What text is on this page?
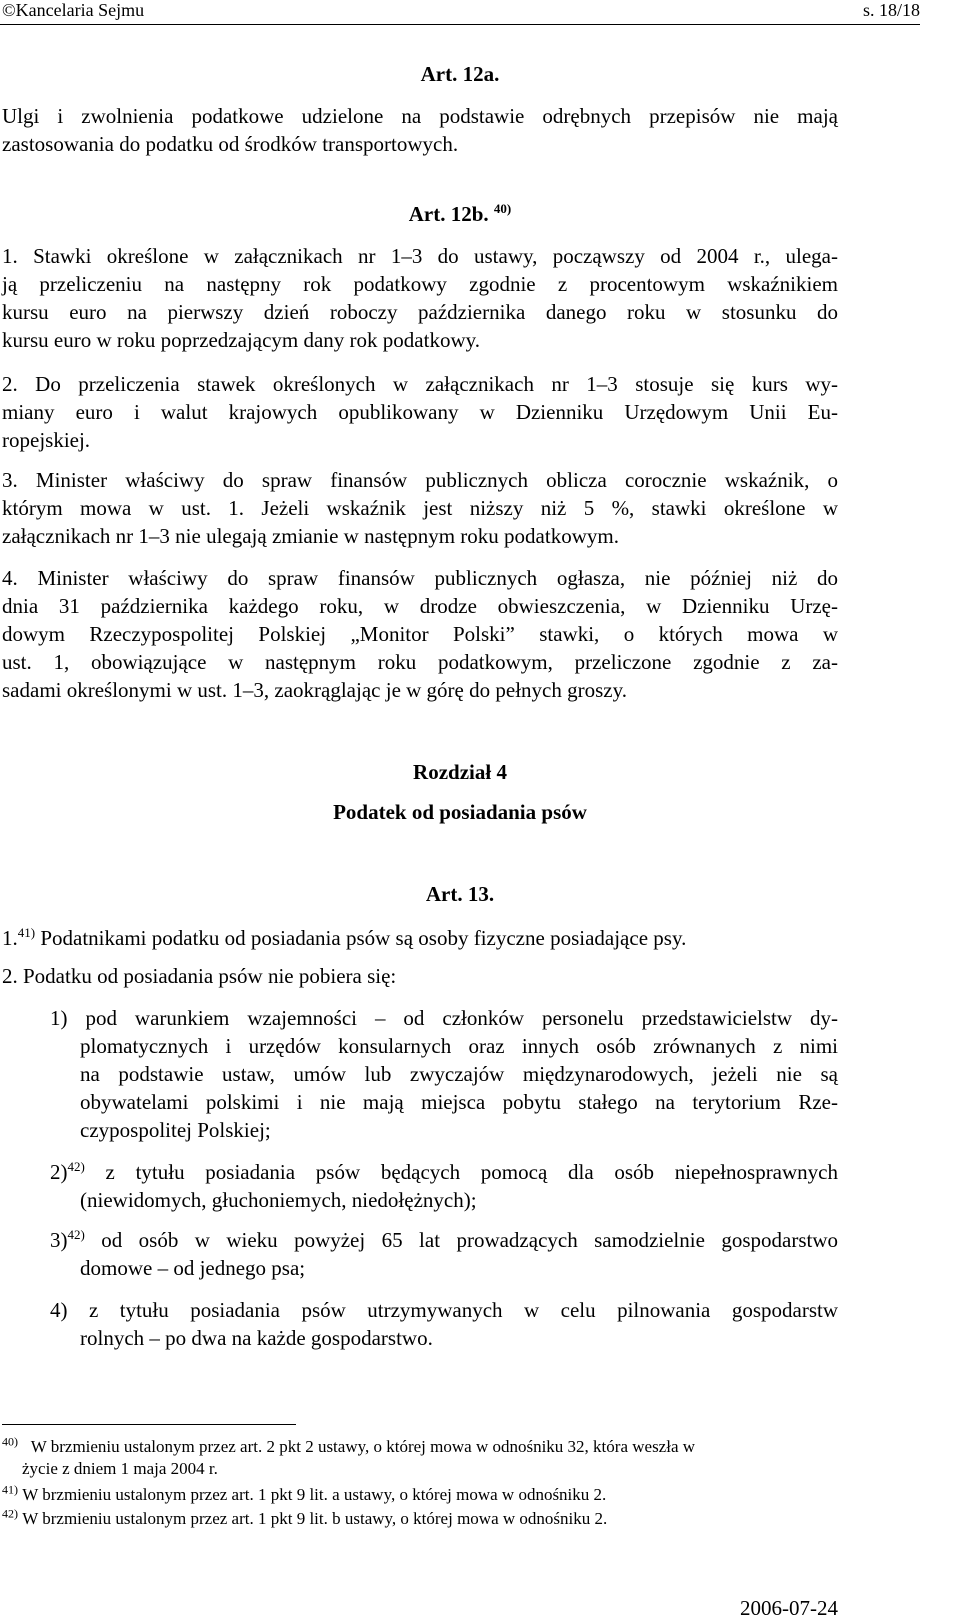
©Kancelaria Sejmu	s. 18/18
Art. 12a.
Ulgi i zwolnienia podatkowe udzielone na podstawie odrębnych przepisów nie mają
zastosowania do podatku od środków transportowych.
Art. 12b. $^{40)}$
1. Stawki określone w załącznikach nr 1–3 do ustawy, począwszy od 2004 r., ulega-
ją przeliczeniu na następny rok podatkowy zgodnie z procentowym wskaźnikiem
kursu euro na pierwszy dzień roboczy października danego roku w stosunku do
kursu euro w roku poprzedzającym dany rok podatkowy.
2. Do przeliczenia stawek określonych w załącznikach nr 1–3 stosuje się kurs wy-
miany euro i walut krajowych opublikowany w Dzienniku Urzędowym Unii Eu-
ropejskiej.
3. Minister właściwy do spraw finansów publicznych oblicza corocznie wskaźnik, o
którym mowa w ust. 1. Jeżeli wskaźnik jest niższy niż 5 %, stawki określone w
załącznikach nr 1–3 nie ulegają zmianie w następnym roku podatkowym.
4. Minister właściwy do spraw finansów publicznych ogłasza, nie później niż do
dnia 31 października każdego roku, w drodze obwieszczenia, w Dzienniku Urzę-
dowym Rzeczypospolitej Polskiej „Monitor Polski” stawki, o których mowa w
ust. 1, obowiązujące w następnym roku podatkowym, przeliczone zgodnie z za-
sadami określonymi w ust. 1–3, zaokrąglając je w górę do pełnych groszy.
Rozdział 4
Podatek od posiadania psów
Art. 13.
1.$^{41)}$ Podatnikami podatku od posiadania psów są osoby fizyczne posiadające psy.
2. Podatku od posiadania psów nie pobiera się:
1) pod warunkiem wzajemności – od członków personelu przedstawicielstw dy-
plomatycznych i urzędów konsularnych oraz innych osób zrównanych z nimi
na podstawie ustaw, umów lub zwyczajów międzynarodowych, jeżeli nie są
obywatelami polskimi i nie mają miejsca pobytu stałego na terytorium Rze-
czypospolitej Polskiej;
2)$^{42)}$ z tytułu posiadania psów będących pomocą dla osób niepełnosprawnych
(niewidomych, głuchoniemych, niedołężnych);
3)$^{42)}$ od osób w wieku powyżej 65 lat prowadzących samodzielnie gospodarstwo
domowe – od jednego psa;
4) z tytułu posiadania psów utrzymywanych w celu pilnowania gospodarstw
rolnych – po dwa na każde gospodarstwo.
$^{40)}$ W brzmieniu ustalonym przez art. 2 pkt 2 ustawy, o której mowa w odnośniku 32, która weszła w
życie z dniem 1 maja 2004 r.
$^{41)}$ W brzmieniu ustalonym przez art. 1 pkt 9 lit. a ustawy, o której mowa w odnośniku 2.
$^{42)}$ W brzmieniu ustalonym przez art. 1 pkt 9 lit. b ustawy, o której mowa w odnośniku 2.
2006-07-24
